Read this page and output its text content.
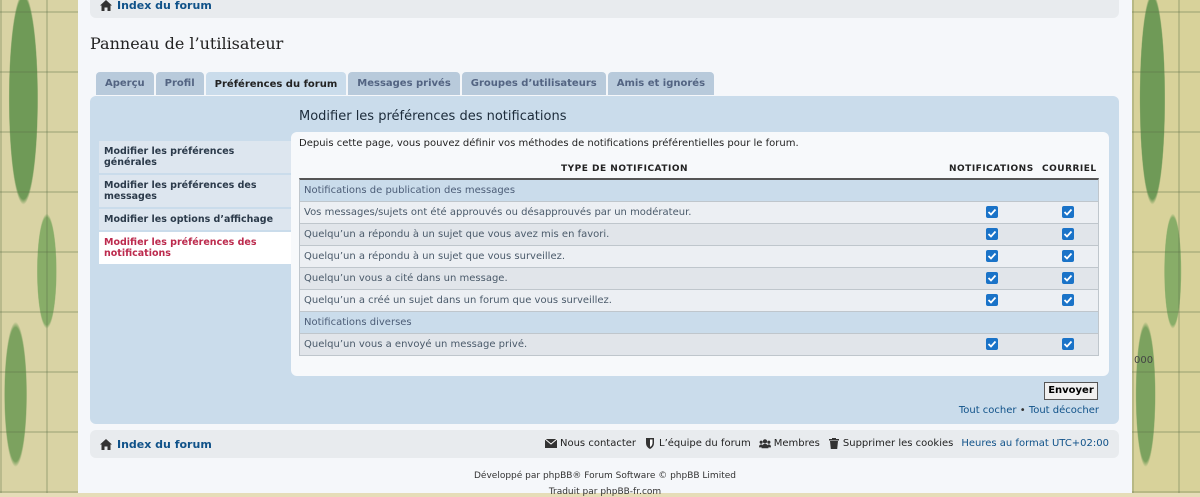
000
Index du forum
Panneau de l’utilisateur
Aperçu	Profil	Préférences du forum	Messages privés	Groupes d’utilisateurs	Amis et ignorés
Modifier les préférences générales
Modifier les préférences des messages
Modifier les options d’affichage
Modifier les préférences des notifications
Modifier les préférences des notifications
Depuis cette page, vous pouvez définir vos méthodes de notifications préférentielles pour le forum.
TYPE DE NOTIFICATION	NOTIFICATIONS COURRIEL
Notifications de publication des messages
Vos messages/sujets ont été approuvés ou désapprouvés par un modérateur.
Quelqu’un a répondu à un sujet que vous avez mis en favori.
Quelqu’un a répondu à un sujet que vous surveillez.
Quelqu’un vous a cité dans un message.
Quelqu’un a créé un sujet dans un forum que vous surveillez.
Notifications diverses
Quelqu’un vous a envoyé un message privé.
Envoyer
Tout cocher • Tout décocher
Index du forum	Nous contacter L’équipe du forum Membres Supprimer les cookies Heures au format UTC+02:00
Développé par phpBB® Forum Software © phpBB Limited
Traduit par phpBB-fr.com
